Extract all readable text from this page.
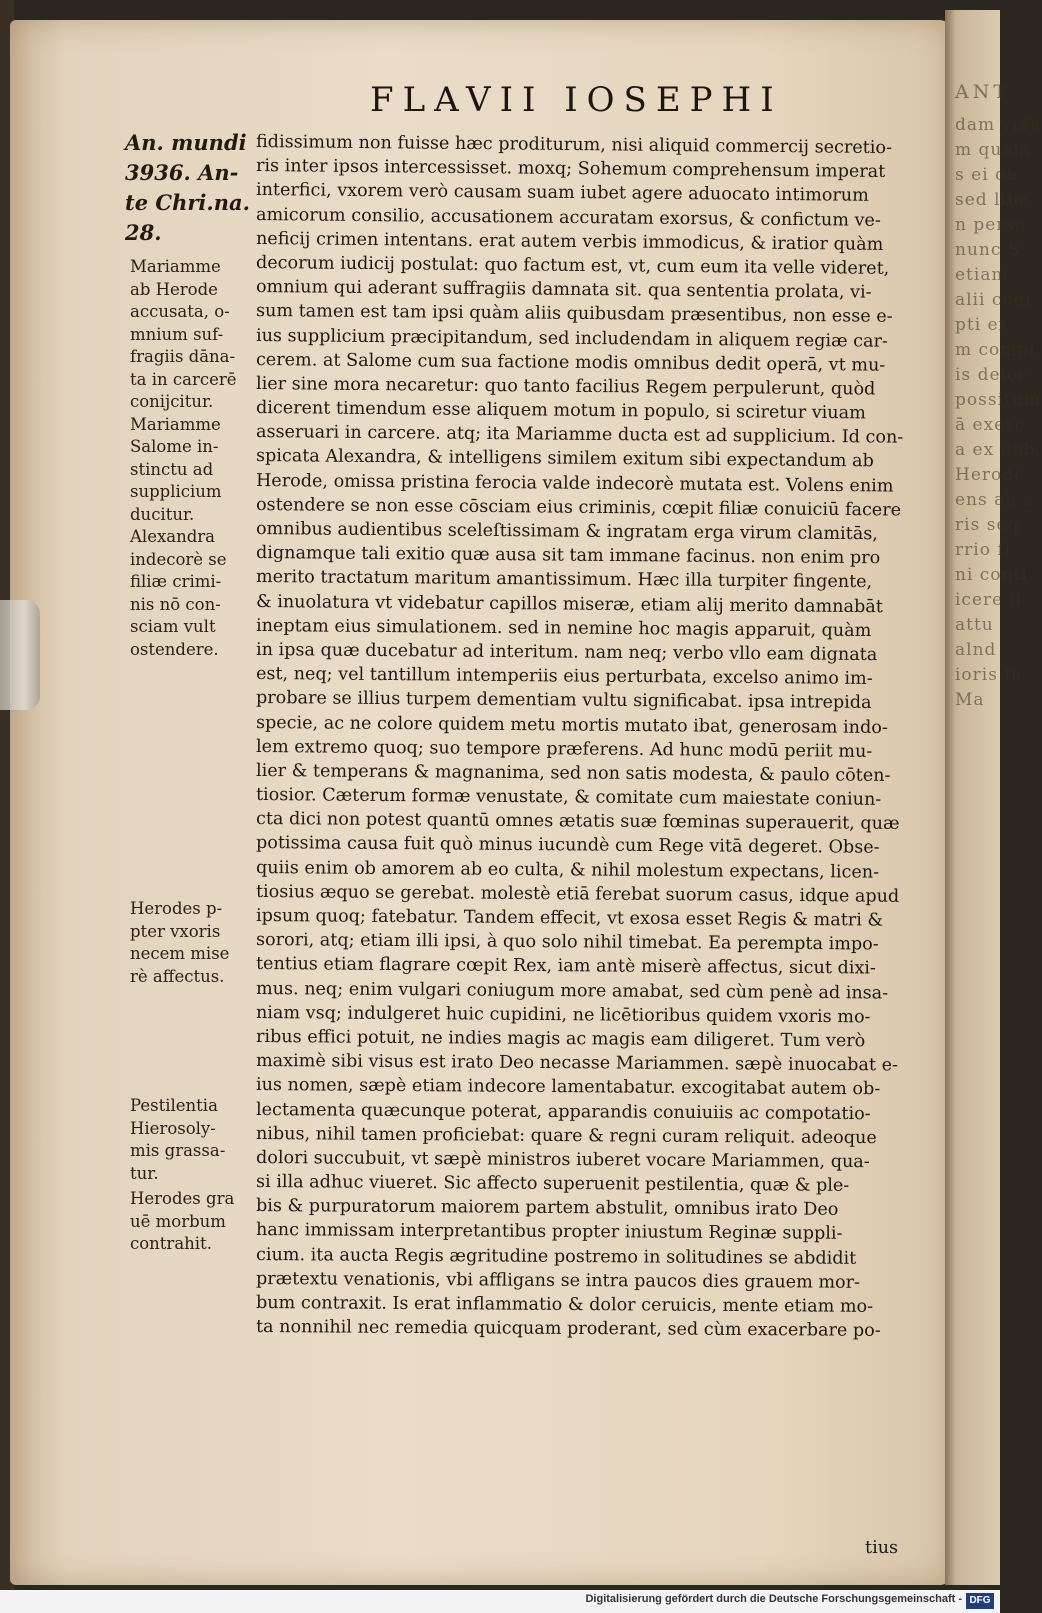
ANT
dam vide
m quam
s ei ob
sed libe
n perso
nunc S
etiam
alii cogi
pti ex
m compl
is delec
possitum
ā exerc
a ex nob
Herode
ens ab a
ris seq
rrio fi
ni conti
icere il
attu
alnd
ioris in
Ma
FLAVII IOSEPHI
An. mundi
3936. An-
te Chri.na.
28.
Mariamme
ab Herode
accusata, o-
mnium suf-
fragiis dāna-
ta in carcerē
conijcitur.
Mariamme
Salome in-
stinctu ad
supplicium
ducitur.
Alexandra
indecorè se
filiæ crimi-
nis nō con-
sciam vult
ostendere.
Herodes p-
pter vxoris
necem mise
rè affectus.
Pestilentia
Hierosoly-
mis grassa-
tur.
Herodes gra
uē morbum
contrahit.
fidissimum non fuisse hæc proditurum, nisi aliquid commercij secretio-
ris inter ipsos intercessisset. moxq; Sohemum comprehensum imperat
interfici, vxorem verò causam suam iubet agere aduocato intimorum
amicorum consilio, accusationem accuratam exorsus, & confictum ve-
neficij crimen intentans. erat autem verbis immodicus, & iratior quàm
decorum iudicij postulat: quo factum est, vt, cum eum ita velle videret,
omnium qui aderant suffragiis damnata sit. qua sententia prolata, vi-
sum tamen est tam ipsi quàm aliis quibusdam præsentibus, non esse e-
ius supplicium præcipitandum, sed includendam in aliquem regiæ car-
cerem. at Salome cum sua factione modis omnibus dedit operā, vt mu-
lier sine mora necaretur: quo tanto facilius Regem perpulerunt, quòd
dicerent timendum esse aliquem motum in populo, si sciretur viuam
asseruari in carcere. atq; ita Mariamme ducta est ad supplicium. Id con-
spicata Alexandra, & intelligens similem exitum sibi expectandum ab
Herode, omissa pristina ferocia valde indecorè mutata est. Volens enim
ostendere se non esse cōsciam eius criminis, cœpit filiæ conuiciū facere
omnibus audientibus sceleſtissimam & ingratam erga virum clamitās,
dignamque tali exitio quæ ausa sit tam immane facinus. non enim pro
merito tractatum maritum amantissimum. Hæc illa turpiter fingente,
& inuolatura vt videbatur capillos miseræ, etiam alij merito damnabāt
ineptam eius simulationem. sed in nemine hoc magis apparuit, quàm
in ipsa quæ ducebatur ad interitum. nam neq; verbo vllo eam dignata
est, neq; vel tantillum intemperiis eius perturbata, excelso animo im-
probare se illius turpem dementiam vultu significabat. ipsa intrepida
specie, ac ne colore quidem metu mortis mutato ibat, generosam indo-
lem extremo quoq; suo tempore præferens. Ad hunc modū periit mu-
lier & temperans & magnanima, sed non satis modesta, & paulo cōten-
tiosior. Cæterum formæ venustate, & comitate cum maiestate coniun-
cta dici non potest quantū omnes ætatis suæ fœminas superauerit, quæ
potissima causa fuit quò minus iucundè cum Rege vitā degeret. Obse-
quiis enim ob amorem ab eo culta, & nihil molestum expectans, licen-
tiosius æquo se gerebat. molestè etiā ferebat suorum casus, idque apud
ipsum quoq; fatebatur. Tandem effecit, vt exosa esset Regis & matri &
sorori, atq; etiam illi ipsi, à quo solo nihil timebat. Ea perempta impo-
tentius etiam flagrare cœpit Rex, iam antè miserè affectus, sicut dixi-
mus. neq; enim vulgari coniugum more amabat, sed cùm penè ad insa-
niam vsq; indulgeret huic cupidini, ne licētioribus quidem vxoris mo-
ribus effici potuit, ne indies magis ac magis eam diligeret. Tum verò
maximè sibi visus est irato Deo necasse Mariammen. sæpè inuocabat e-
ius nomen, sæpè etiam indecore lamentabatur. excogitabat autem ob-
lectamenta quæcunque poterat, apparandis conuiuiis ac compotatio-
nibus, nihil tamen proficiebat: quare & regni curam reliquit. adeoque
dolori succubuit, vt sæpè ministros iuberet vocare Mariammen, qua-
si illa adhuc viueret. Sic affecto superuenit pestilentia, quæ & ple-
bis & purpuratorum maiorem partem abstulit, omnibus irato Deo
hanc immissam interpretantibus propter iniustum Reginæ suppli-
cium. ita aucta Regis ægritudine postremo in solitudines se abdidit
prætextu venationis, vbi affligans se intra paucos dies grauem mor-
bum contraxit. Is erat inflammatio & dolor ceruicis, mente etiam mo-
ta nonnihil nec remedia quicquam proderant, sed cùm exacerbare po-
tius
Digitalisierung gefördert durch die Deutsche Forschungsgemeinschaft - DFG
